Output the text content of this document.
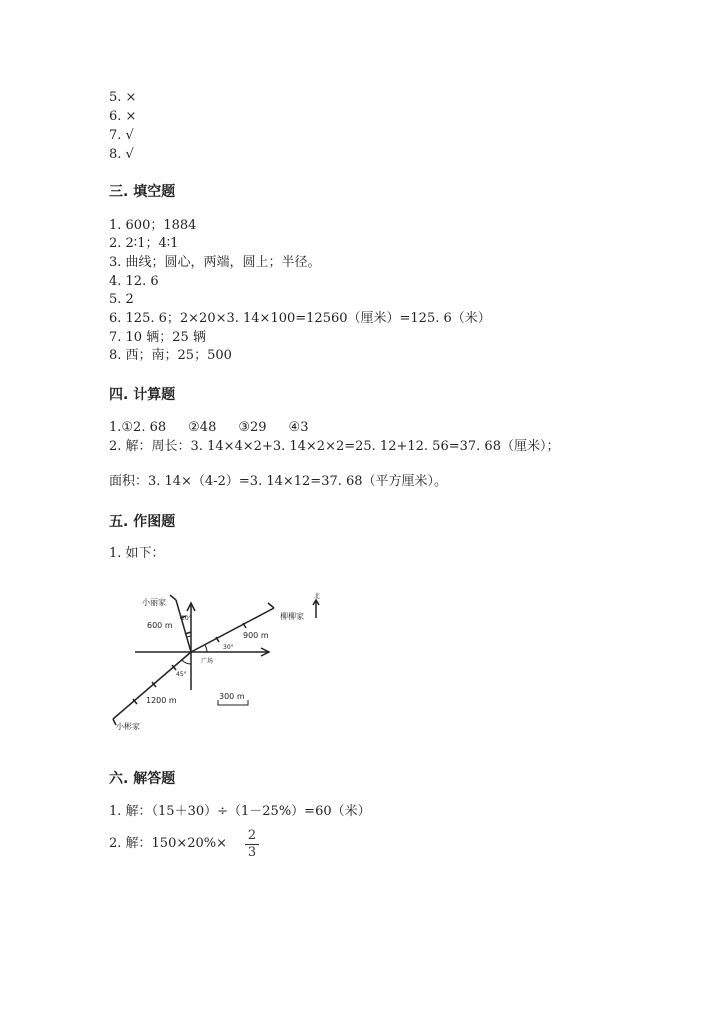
5. ×
6. ×
7. √
8. √
三. 填空题
1. 600；1884
2. 2∶1；4∶1
3. 曲线；圆心，两端，圆上；半径。
4. 12. 6
5. 2
6. 125. 6；2×20×3. 14×100=12560（厘米）=125. 6（米）
7. 10 辆；25 辆
8. 西；南；25；500
四. 计算题
1.①2. 68 ②48 ③29 ④3
2. 解：周长：3. 14×4×2+3. 14×2×2=25. 12+12. 56=37. 68（厘米）；
面积：3. 14×（4-2）=3. 14×12=37. 68（平方厘米）。
五. 作图题
1. 如下：
小丽家
柳柳家
小彬家
广场
北
600 m
900 m
1200 m	300 m
20°
30°
45°
六. 解答题
1. 解：（15＋30）÷（1－25%）=60（米）
2. 解：150×20%×
2
3
